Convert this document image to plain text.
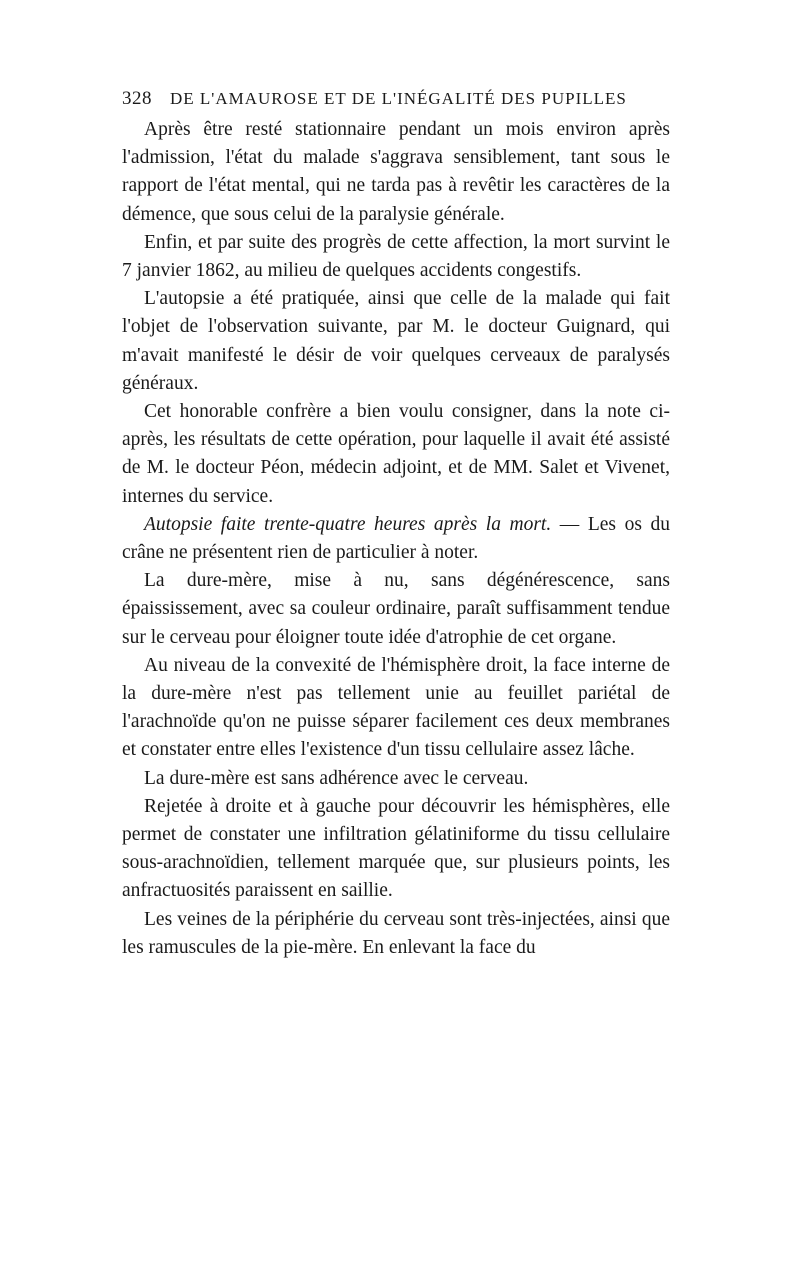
328 DE L'AMAUROSE ET DE L'INÉGALITÉ DES PUPILLES

Après être resté stationnaire pendant un mois environ après l'admission, l'état du malade s'aggrava sensiblement, tant sous le rapport de l'état mental, qui ne tarda pas à revêtir les caractères de la démence, que sous celui de la paralysie générale.

Enfin, et par suite des progrès de cette affection, la mort survint le 7 janvier 1862, au milieu de quelques accidents congestifs.

L'autopsie a été pratiquée, ainsi que celle de la malade qui fait l'objet de l'observation suivante, par M. le docteur Guignard, qui m'avait manifesté le désir de voir quelques cerveaux de paralysés généraux.

Cet honorable confrère a bien voulu consigner, dans la note ci-après, les résultats de cette opération, pour laquelle il avait été assisté de M. le docteur Péon, médecin adjoint, et de MM. Salet et Vivenet, internes du service.

Autopsie faite trente-quatre heures après la mort. — Les os du crâne ne présentent rien de particulier à noter.

La dure-mère, mise à nu, sans dégénérescence, sans épaississement, avec sa couleur ordinaire, paraît suffisamment tendue sur le cerveau pour éloigner toute idée d'atrophie de cet organe.

Au niveau de la convexité de l'hémisphère droit, la face interne de la dure-mère n'est pas tellement unie au feuillet pariétal de l'arachnoïde qu'on ne puisse séparer facilement ces deux membranes et constater entre elles l'existence d'un tissu cellulaire assez lâche.

La dure-mère est sans adhérence avec le cerveau.

Rejetée à droite et à gauche pour découvrir les hémisphères, elle permet de constater une infiltration gélatiniforme du tissu cellulaire sous-arachnoïdien, tellement marquée que, sur plusieurs points, les anfractuosités paraissent en saillie.

Les veines de la périphérie du cerveau sont très-injectées, ainsi que les ramuscules de la pie-mère. En enlevant la face du
